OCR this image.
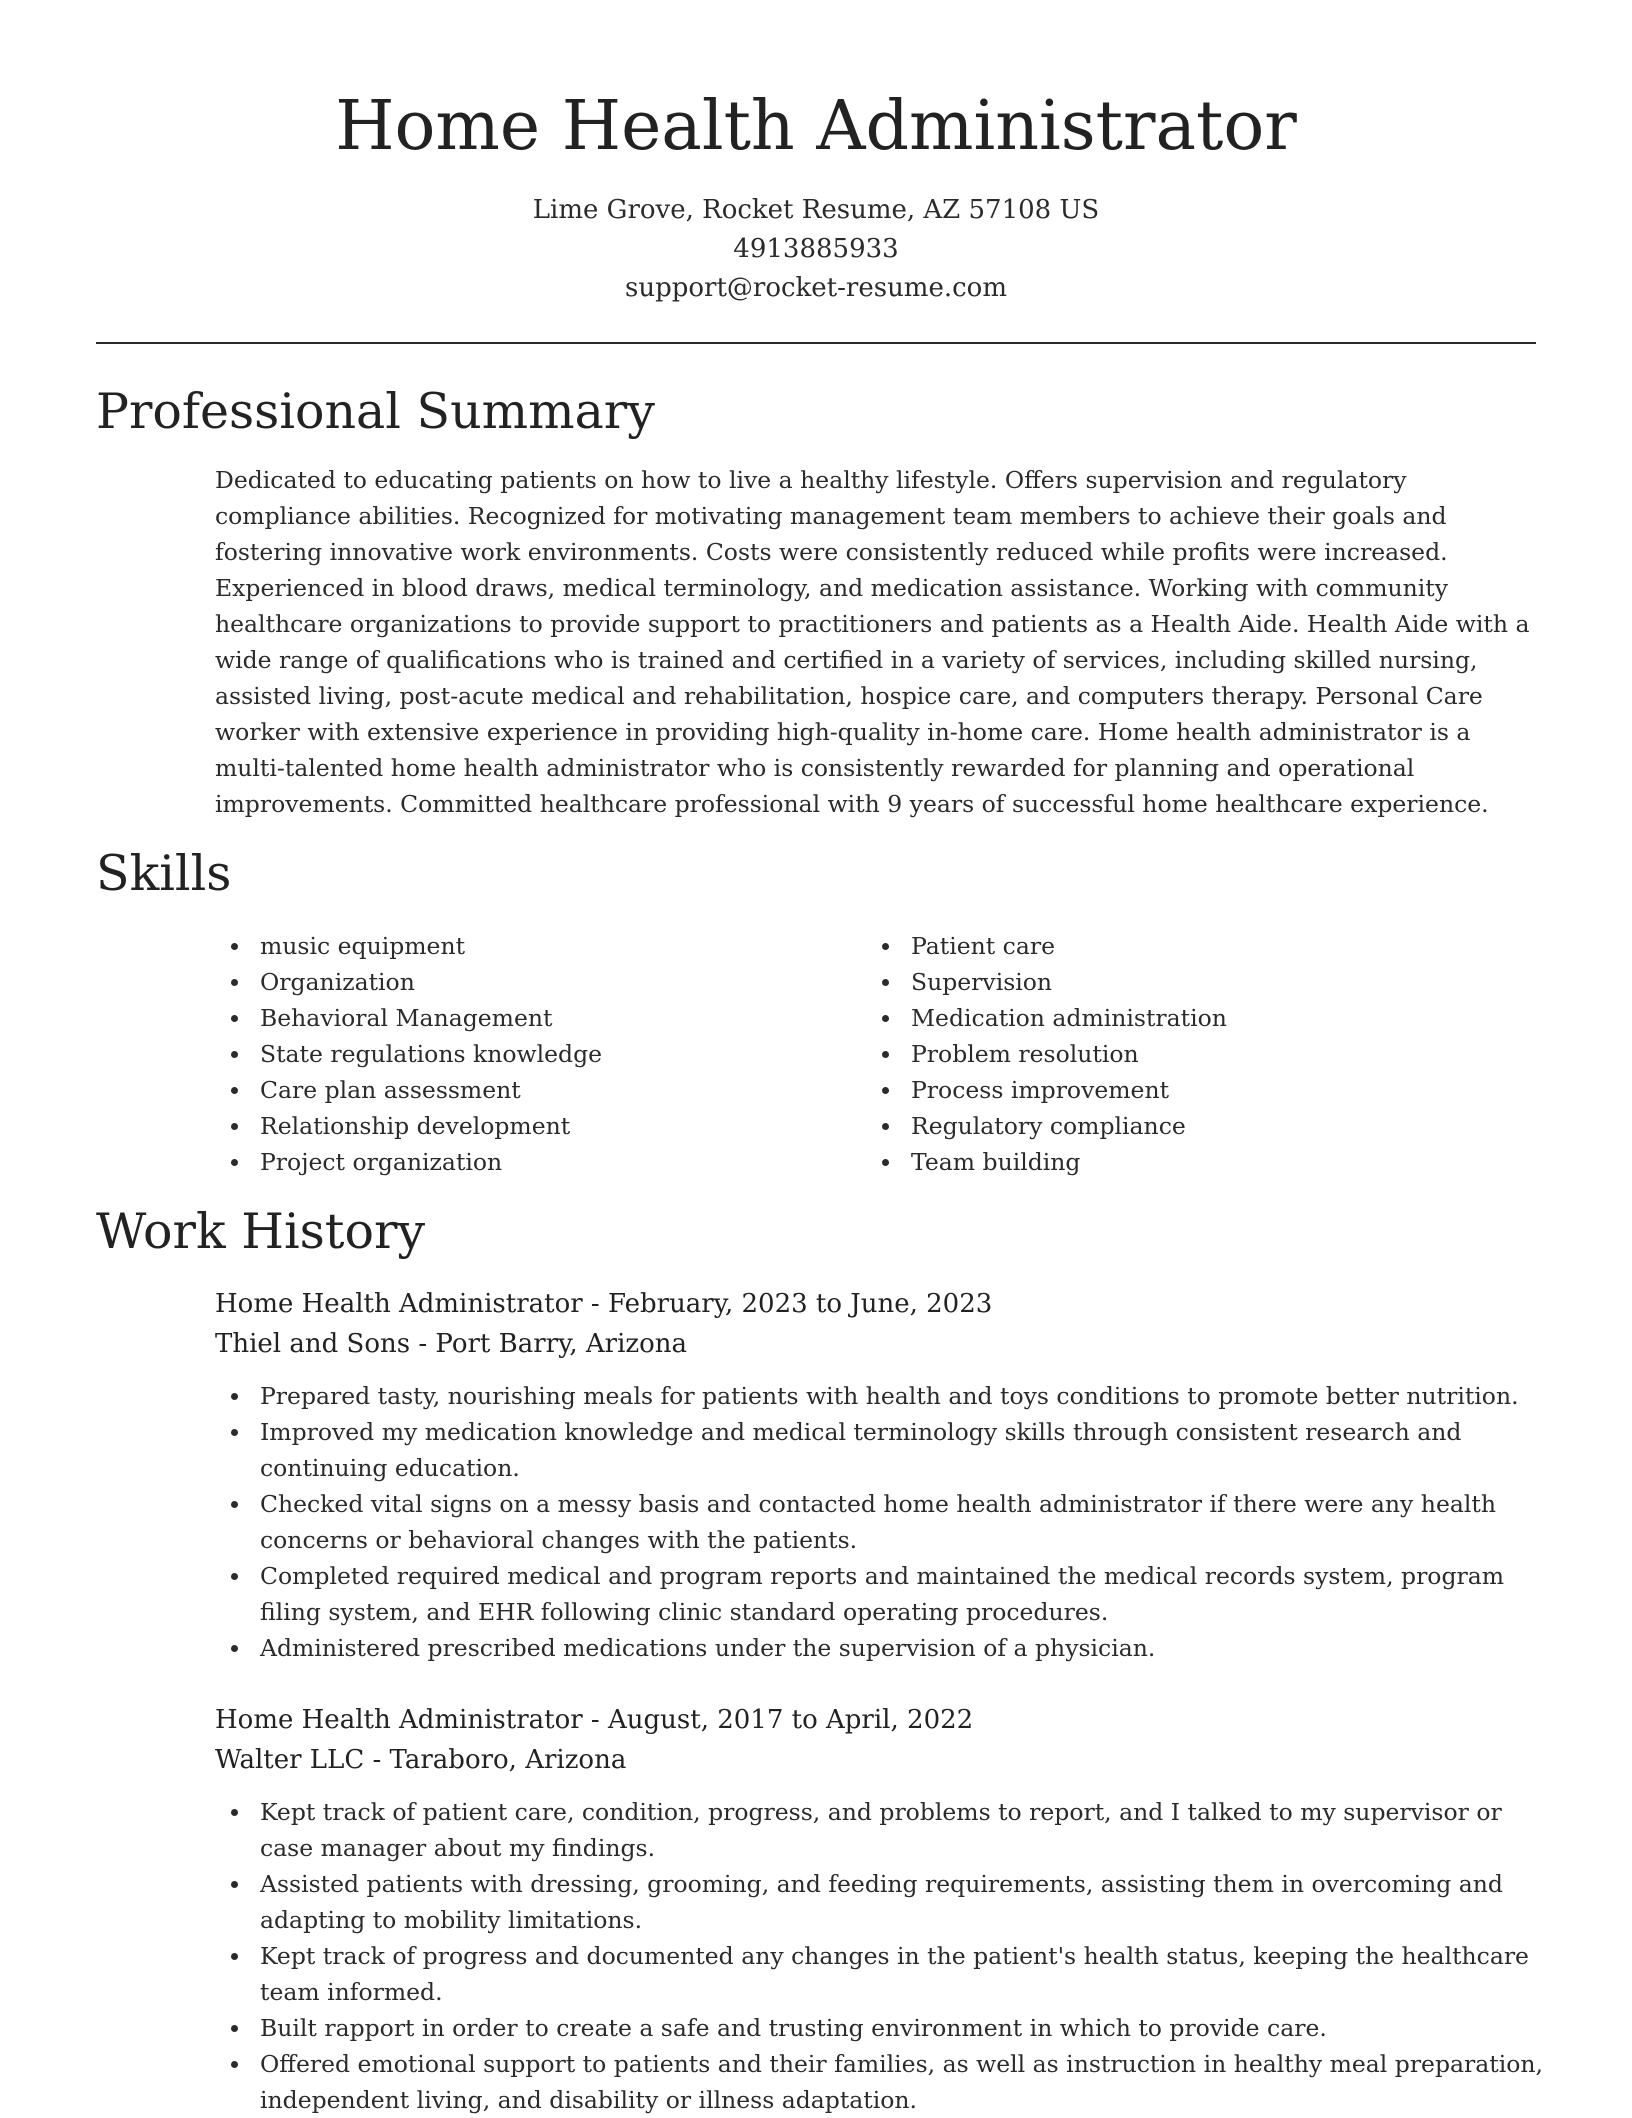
Home Health Administrator
Lime Grove, Rocket Resume, AZ 57108 US
4913885933
support@rocket-resume.com
Professional Summary

Dedicated to educating patients on how to live a healthy lifestyle. Offers supervision and regulatory compliance abilities. Recognized for motivating management team members to achieve their goals and fostering innovative work environments. Costs were consistently reduced while profits were increased. Experienced in blood draws, medical terminology, and medication assistance. Working with community healthcare organizations to provide support to practitioners and patients as a Health Aide. Health Aide with a wide range of qualifications who is trained and certified in a variety of services, including skilled nursing, assisted living, post-acute medical and rehabilitation, hospice care, and computers therapy. Personal Care worker with extensive experience in providing high-quality in-home care. Home health administrator is a multi-talented home health administrator who is consistently rewarded for planning and operational improvements. Committed healthcare professional with 9 years of successful home healthcare experience.

Skills
music equipment
Organization
Behavioral Management
State regulations knowledge
Care plan assessment
Relationship development
Project organization
Patient care
Supervision
Medication administration
Problem resolution
Process improvement
Regulatory compliance
Team building
Work History
Home Health Administrator - February, 2023 to June, 2023
Thiel and Sons - Port Barry, Arizona
Prepared tasty, nourishing meals for patients with health and toys conditions to promote better nutrition.
Improved my medication knowledge and medical terminology skills through consistent research and continuing education.
Checked vital signs on a messy basis and contacted home health administrator if there were any health concerns or behavioral changes with the patients.
Completed required medical and program reports and maintained the medical records system, program filing system, and EHR following clinic standard operating procedures.
Administered prescribed medications under the supervision of a physician.
Home Health Administrator - August, 2017 to April, 2022
Walter LLC - Taraboro, Arizona
Kept track of patient care, condition, progress, and problems to report, and I talked to my supervisor or case manager about my findings.
Assisted patients with dressing, grooming, and feeding requirements, assisting them in overcoming and adapting to mobility limitations.
Kept track of progress and documented any changes in the patient's health status, keeping the healthcare team informed.
Built rapport in order to create a safe and trusting environment in which to provide care.
Offered emotional support to patients and their families, as well as instruction in healthy meal preparation, independent living, and disability or illness adaptation.
